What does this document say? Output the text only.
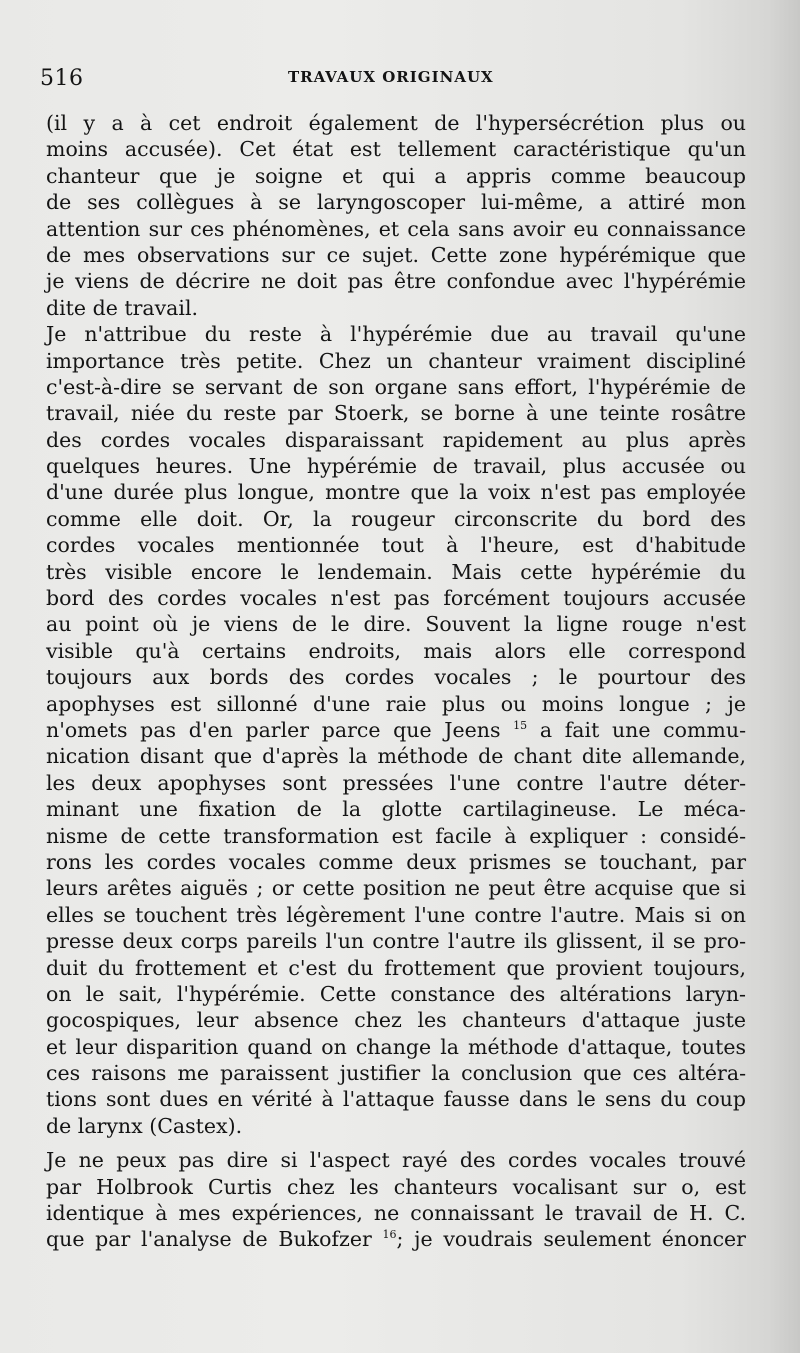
516	TRAVAUX ORIGINAUX
(il y a à cet endroit également de l'hypersécrétion plus ou
moins accusée). Cet état est tellement caractéristique qu'un
chanteur que je soigne et qui a appris comme beaucoup
de ses collègues à se laryngoscoper lui-même, a attiré mon
attention sur ces phénomènes, et cela sans avoir eu connaissance
de mes observations sur ce sujet. Cette zone hypérémique que
je viens de décrire ne doit pas être confondue avec l'hypérémie
dite de travail.
Je n'attribue du reste à l'hypérémie due au travail qu'une
importance très petite. Chez un chanteur vraiment discipliné
c'est-à-dire se servant de son organe sans effort, l'hypérémie de
travail, niée du reste par Stoerk, se borne à une teinte rosâtre
des cordes vocales disparaissant rapidement au plus après
quelques heures. Une hypérémie de travail, plus accusée ou
d'une durée plus longue, montre que la voix n'est pas employée
comme elle doit. Or, la rougeur circonscrite du bord des
cordes vocales mentionnée tout à l'heure, est d'habitude
très visible encore le lendemain. Mais cette hypérémie du
bord des cordes vocales n'est pas forcément toujours accusée
au point où je viens de le dire. Souvent la ligne rouge n'est
visible qu'à certains endroits, mais alors elle correspond
toujours aux bords des cordes vocales ; le pourtour des
apophyses est sillonné d'une raie plus ou moins longue ; je
n'omets pas d'en parler parce que Jeens $^{15}$ a fait une commu-
nication disant que d'après la méthode de chant dite allemande,
les deux apophyses sont pressées l'une contre l'autre déter-
minant une fixation de la glotte cartilagineuse. Le méca-
nisme de cette transformation est facile à expliquer : considé-
rons les cordes vocales comme deux prismes se touchant, par
leurs arêtes aiguës ; or cette position ne peut être acquise que si
elles se touchent très légèrement l'une contre l'autre. Mais si on
presse deux corps pareils l'un contre l'autre ils glissent, il se pro-
duit du frottement et c'est du frottement que provient toujours,
on le sait, l'hypérémie. Cette constance des altérations laryn-
gocospiques, leur absence chez les chanteurs d'attaque juste
et leur disparition quand on change la méthode d'attaque, toutes
ces raisons me paraissent justifier la conclusion que ces altéra-
tions sont dues en vérité à l'attaque fausse dans le sens du coup
de larynx (Castex).
Je ne peux pas dire si l'aspect rayé des cordes vocales trouvé
par Holbrook Curtis chez les chanteurs vocalisant sur o, est
identique à mes expériences, ne connaissant le travail de H. C.
que par l'analyse de Bukofzer $^{16}$; je voudrais seulement énoncer
